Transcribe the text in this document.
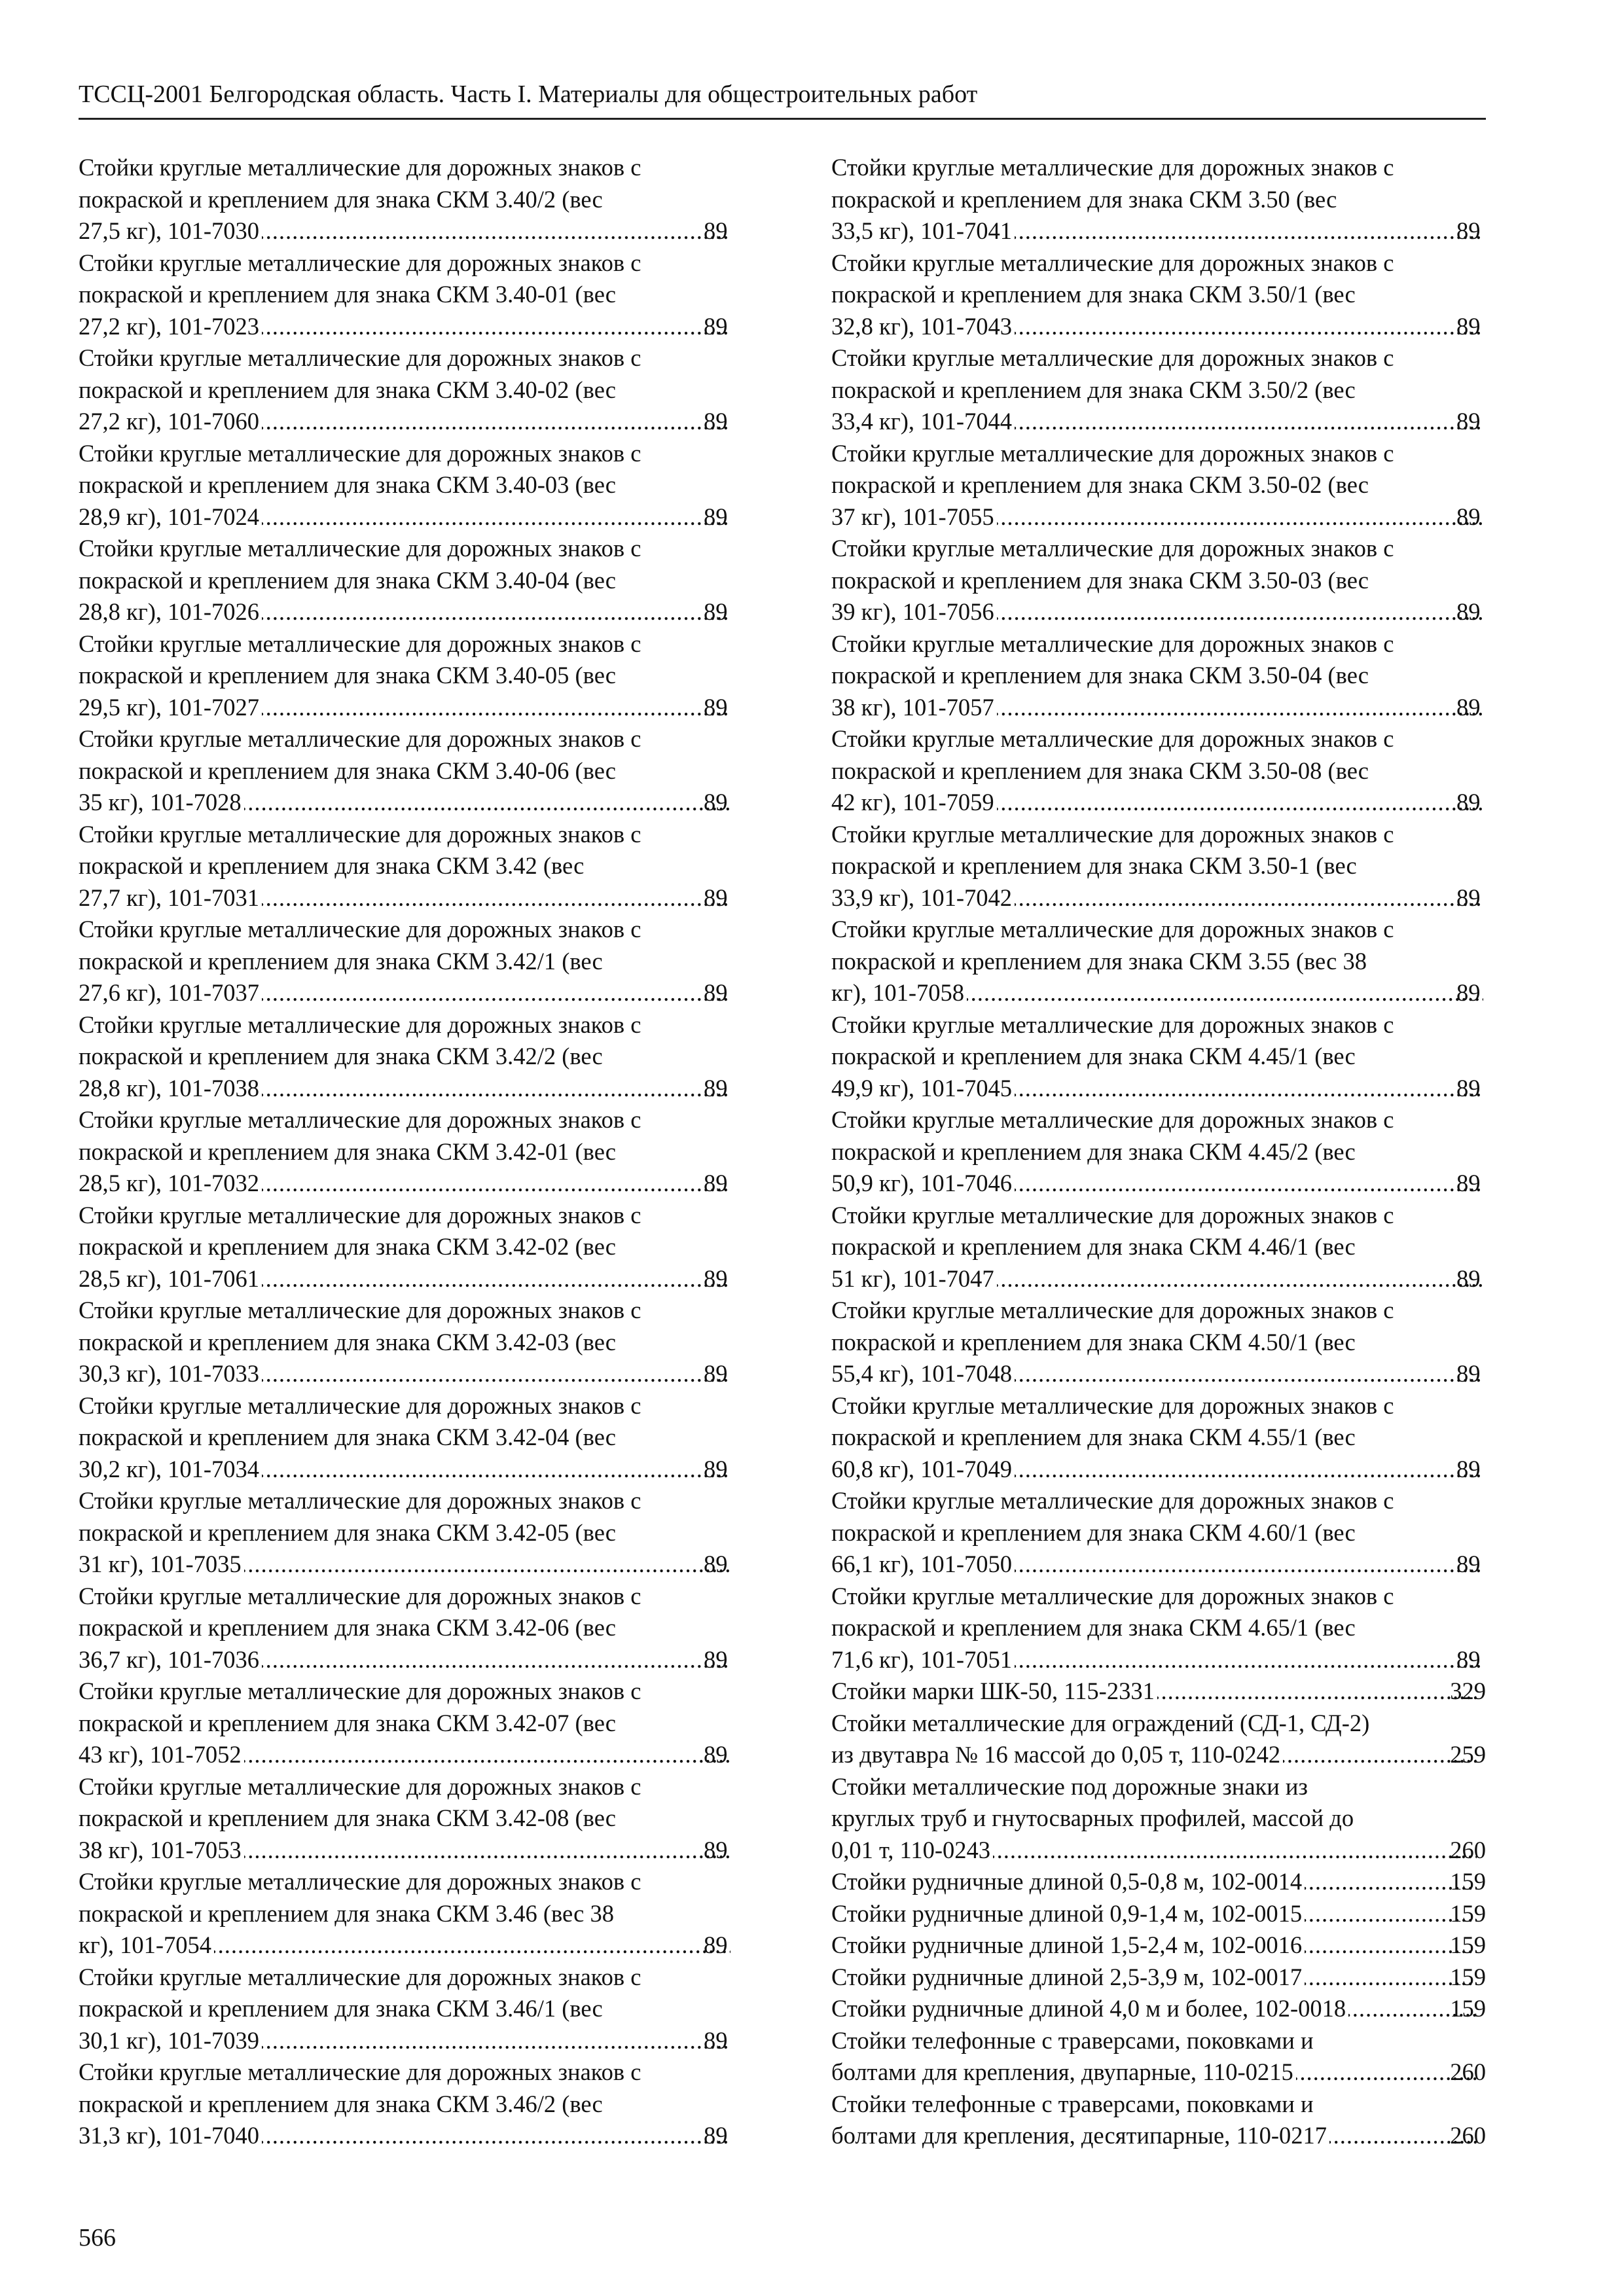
ТССЦ-2001 Белгородская область. Часть I. Материалы для общестроительных работ

Стойки круглые металлические для дорожных знаков с
покраской и креплением для знака СКМ 3.40/2 (вес
27,5 кг), 101-7030 .....	89

Стойки круглые металлические для дорожных знаков с
покраской и креплением для знака СКМ 3.40-01 (вес
27,2 кг), 101-7023 .....	89

Стойки круглые металлические для дорожных знаков с
покраской и креплением для знака СКМ 3.40-02 (вес
27,2 кг), 101-7060 .....	89

Стойки круглые металлические для дорожных знаков с
покраской и креплением для знака СКМ 3.40-03 (вес
28,9 кг), 101-7024 .....	89

Стойки круглые металлические для дорожных знаков с
покраской и креплением для знака СКМ 3.40-04 (вес
28,8 кг), 101-7026 .....	89

Стойки круглые металлические для дорожных знаков с
покраской и креплением для знака СКМ 3.40-05 (вес
29,5 кг), 101-7027 .....	89

Стойки круглые металлические для дорожных знаков с
покраской и креплением для знака СКМ 3.40-06 (вес
35 кг), 101-7028 .....	89

Стойки круглые металлические для дорожных знаков с
покраской и креплением для знака СКМ 3.42 (вес
27,7 кг), 101-7031 .....	89

Стойки круглые металлические для дорожных знаков с
покраской и креплением для знака СКМ 3.42/1 (вес
27,6 кг), 101-7037 .....	89

Стойки круглые металлические для дорожных знаков с
покраской и креплением для знака СКМ 3.42/2 (вес
28,8 кг), 101-7038 .....	89

Стойки круглые металлические для дорожных знаков с
покраской и креплением для знака СКМ 3.42-01 (вес
28,5 кг), 101-7032 .....	89

Стойки круглые металлические для дорожных знаков с
покраской и креплением для знака СКМ 3.42-02 (вес
28,5 кг), 101-7061 .....	89

Стойки круглые металлические для дорожных знаков с
покраской и креплением для знака СКМ 3.42-03 (вес
30,3 кг), 101-7033 .....	89

Стойки круглые металлические для дорожных знаков с
покраской и креплением для знака СКМ 3.42-04 (вес
30,2 кг), 101-7034 .....	89

Стойки круглые металлические для дорожных знаков с
покраской и креплением для знака СКМ 3.42-05 (вес
31 кг), 101-7035 .....	89

Стойки круглые металлические для дорожных знаков с
покраской и креплением для знака СКМ 3.42-06 (вес
36,7 кг), 101-7036 .....	89

Стойки круглые металлические для дорожных знаков с
покраской и креплением для знака СКМ 3.42-07 (вес
43 кг), 101-7052 .....	89

Стойки круглые металлические для дорожных знаков с
покраской и креплением для знака СКМ 3.42-08 (вес
38 кг), 101-7053 .....	89

Стойки круглые металлические для дорожных знаков с
покраской и креплением для знака СКМ 3.46 (вес 38
кг), 101-7054 .....	89

Стойки круглые металлические для дорожных знаков с
покраской и креплением для знака СКМ 3.46/1 (вес
30,1 кг), 101-7039 .....	89

Стойки круглые металлические для дорожных знаков с
покраской и креплением для знака СКМ 3.46/2 (вес
31,3 кг), 101-7040 .....	89

Стойки круглые металлические для дорожных знаков с
покраской и креплением для знака СКМ 3.50 (вес
33,5 кг), 101-7041 .....	89

Стойки круглые металлические для дорожных знаков с
покраской и креплением для знака СКМ 3.50/1 (вес
32,8 кг), 101-7043 .....	89

Стойки круглые металлические для дорожных знаков с
покраской и креплением для знака СКМ 3.50/2 (вес
33,4 кг), 101-7044 .....	89

Стойки круглые металлические для дорожных знаков с
покраской и креплением для знака СКМ 3.50-02 (вес
37 кг), 101-7055 .....	89

Стойки круглые металлические для дорожных знаков с
покраской и креплением для знака СКМ 3.50-03 (вес
39 кг), 101-7056 .....	89

Стойки круглые металлические для дорожных знаков с
покраской и креплением для знака СКМ 3.50-04 (вес
38 кг), 101-7057 .....	89

Стойки круглые металлические для дорожных знаков с
покраской и креплением для знака СКМ 3.50-08 (вес
42 кг), 101-7059 .....	89

Стойки круглые металлические для дорожных знаков с
покраской и креплением для знака СКМ 3.50-1 (вес
33,9 кг), 101-7042 .....	89

Стойки круглые металлические для дорожных знаков с
покраской и креплением для знака СКМ 3.55 (вес 38
кг), 101-7058 .....	89

Стойки круглые металлические для дорожных знаков с
покраской и креплением для знака СКМ 4.45/1 (вес
49,9 кг), 101-7045 .....	89

Стойки круглые металлические для дорожных знаков с
покраской и креплением для знака СКМ 4.45/2 (вес
50,9 кг), 101-7046 .....	89

Стойки круглые металлические для дорожных знаков с
покраской и креплением для знака СКМ 4.46/1 (вес
51 кг), 101-7047 .....	89

Стойки круглые металлические для дорожных знаков с
покраской и креплением для знака СКМ 4.50/1 (вес
55,4 кг), 101-7048 .....	89

Стойки круглые металлические для дорожных знаков с
покраской и креплением для знака СКМ 4.55/1 (вес
60,8 кг), 101-7049 .....	89

Стойки круглые металлические для дорожных знаков с
покраской и креплением для знака СКМ 4.60/1 (вес
66,1 кг), 101-7050 .....	89

Стойки круглые металлические для дорожных знаков с
покраской и креплением для знака СКМ 4.65/1 (вес
71,6 кг), 101-7051 .....	89

Стойки марки ШК-50, 115-2331 .....	329

Стойки металлические для ограждений (СД-1, СД-2)
из двутавра № 16 массой до 0,05 т, 110-0242 .....	259

Стойки металлические под дорожные знаки из
круглых труб и гнутосварных профилей, массой до
0,01 т, 110-0243 .....	260

Стойки рудничные длиной 0,5-0,8 м, 102-0014 .....	159

Стойки рудничные длиной 0,9-1,4 м, 102-0015 .....	159

Стойки рудничные длиной 1,5-2,4 м, 102-0016 .....	159

Стойки рудничные длиной 2,5-3,9 м, 102-0017 .....	159

Стойки рудничные длиной 4,0 м и более, 102-0018 .....	159

Стойки телефонные с траверсами, поковками и
болтами для крепления, двупарные, 110-0215 .....	260

Стойки телефонные с траверсами, поковками и
болтами для крепления, десятипарные, 110-0217 .....	260

566
